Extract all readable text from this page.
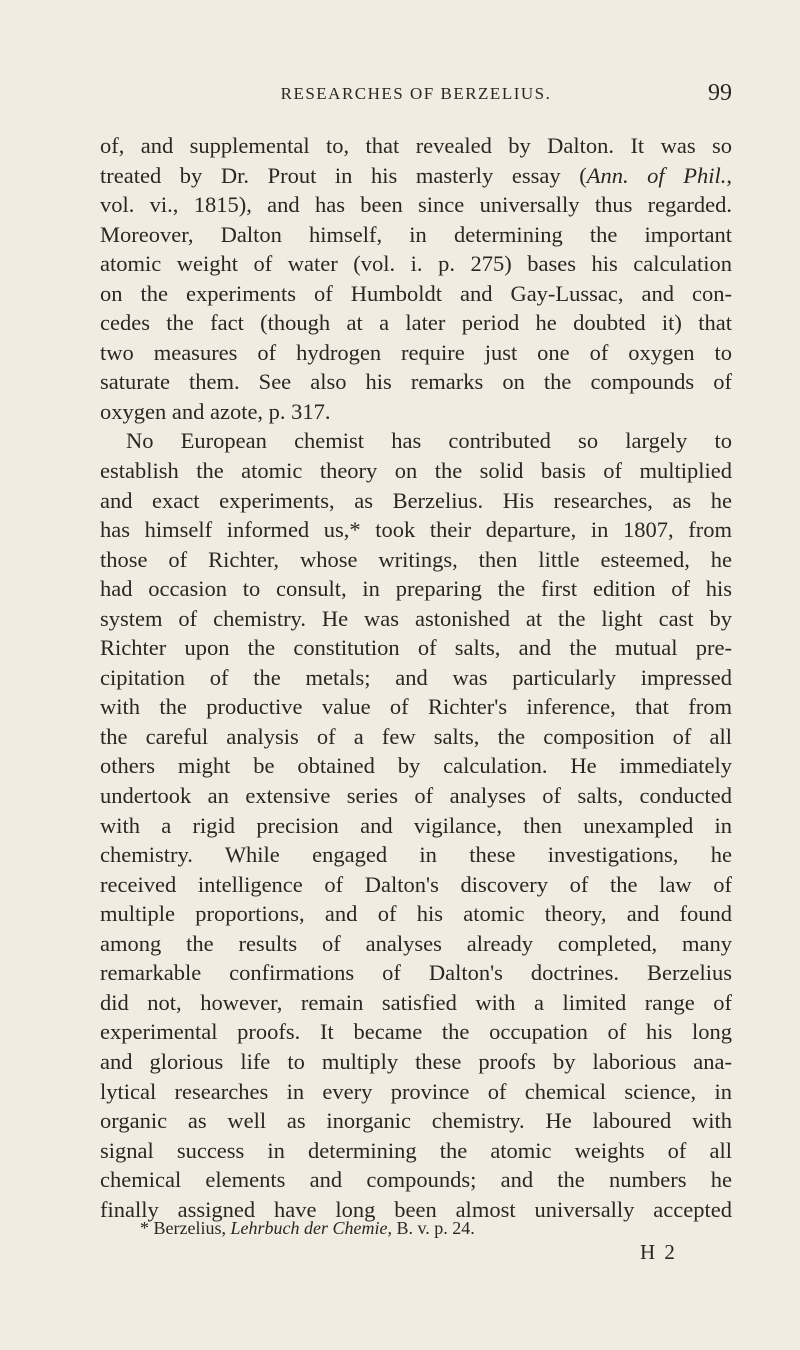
RESEARCHES OF BERZELIUS.	99
of, and supplemental to, that revealed by Dalton. It was so
treated by Dr. Prout in his masterly essay (Ann. of Phil.,
vol. vi., 1815), and has been since universally thus regarded.
Moreover, Dalton himself, in determining the important
atomic weight of water (vol. i. p. 275) bases his calculation
on the experiments of Humboldt and Gay-Lussac, and con-
cedes the fact (though at a later period he doubted it) that
two measures of hydrogen require just one of oxygen to
saturate them. See also his remarks on the compounds of
oxygen and azote, p. 317.
No European chemist has contributed so largely to
establish the atomic theory on the solid basis of multiplied
and exact experiments, as Berzelius. His researches, as he
has himself informed us,* took their departure, in 1807, from
those of Richter, whose writings, then little esteemed, he
had occasion to consult, in preparing the first edition of his
system of chemistry. He was astonished at the light cast by
Richter upon the constitution of salts, and the mutual pre-
cipitation of the metals; and was particularly impressed
with the productive value of Richter's inference, that from
the careful analysis of a few salts, the composition of all
others might be obtained by calculation. He immediately
undertook an extensive series of analyses of salts, conducted
with a rigid precision and vigilance, then unexampled in
chemistry. While engaged in these investigations, he
received intelligence of Dalton's discovery of the law of
multiple proportions, and of his atomic theory, and found
among the results of analyses already completed, many
remarkable confirmations of Dalton's doctrines. Berzelius
did not, however, remain satisfied with a limited range of
experimental proofs. It became the occupation of his long
and glorious life to multiply these proofs by laborious ana-
lytical researches in every province of chemical science, in
organic as well as inorganic chemistry. He laboured with
signal success in determining the atomic weights of all
chemical elements and compounds; and the numbers he
finally assigned have long been almost universally accepted
* Berzelius, Lehrbuch der Chemie, B. v. p. 24.
H 2
